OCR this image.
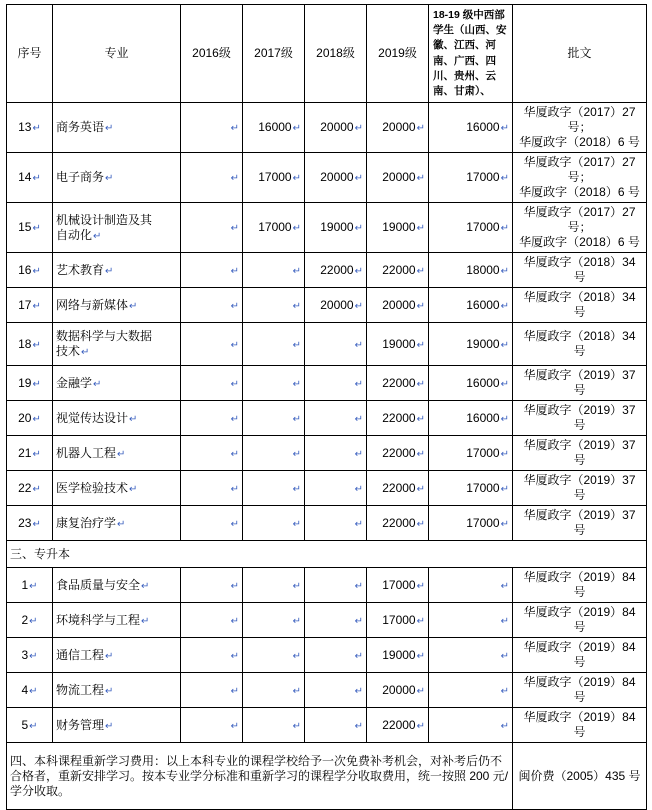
序号	专业	2016级	2017级	2018级	2019级	18-19 级中西部学生（山西、安徽、江西、河南、广西、四川、贵州、云南、甘肃）、	批文
13↵	商务英语↵	↵	16000↵	20000↵	20000↵	16000↵	华厦政字（2017）27 号；
华厦政字（2018）6 号

14↵	电子商务↵	↵	17000↵	20000↵	20000↵	17000↵	华厦政字（2017）27 号；
华厦政字（2018）6 号

15↵	机械设计制造及其
自动化↵	↵	17000↵	19000↵	19000↵	17000↵	华厦政字（2017）27 号；
华厦政字（2018）6 号

16↵	艺术教育↵	↵	↵	22000↵	22000↵	18000↵	华厦政字（2018）34 号

17↵	网络与新媒体↵	↵	↵	20000↵	20000↵	16000↵	华厦政字（2018）34 号

18↵	数据科学与大数据
技术↵	↵	↵	↵	19000↵	19000↵	华厦政字（2018）34 号

19↵	金融学↵	↵	↵	↵	22000↵	16000↵	华厦政字（2019）37 号

20↵	视觉传达设计↵	↵	↵	↵	22000↵	16000↵	华厦政字（2019）37 号

21↵	机器人工程↵	↵	↵	↵	22000↵	17000↵	华厦政字（2019）37 号

22↵	医学检验技术↵	↵	↵	↵	22000↵	17000↵	华厦政字（2019）37 号

23↵	康复治疗学↵	↵	↵	↵	22000↵	17000↵	华厦政字（2019）37 号

三、专升本							
1↵	食品质量与安全↵	↵	↵	↵	17000↵	↵	华厦政字（2019）84 号

2↵	环境科学与工程↵	↵	↵	↵	17000↵	↵	华厦政字（2019）84 号

3↵	通信工程↵	↵	↵	↵	19000↵	↵	华厦政字（2019）84 号

4↵	物流工程↵	↵	↵	↵	20000↵	↵	华厦政字（2019）84 号

5↵	财务管理↵	↵	↵	↵	22000↵	↵	华厦政字（2019）84 号

四、本科课程重新学习费用：以上本科专业的课程学校给予一次免费补考机会，对补考后仍不合格者，重新安排学习。按本专业学分标准和重新学习的课程学分收取费用，统一按照 200 元/学分收取。							闽价费（2005）435 号
